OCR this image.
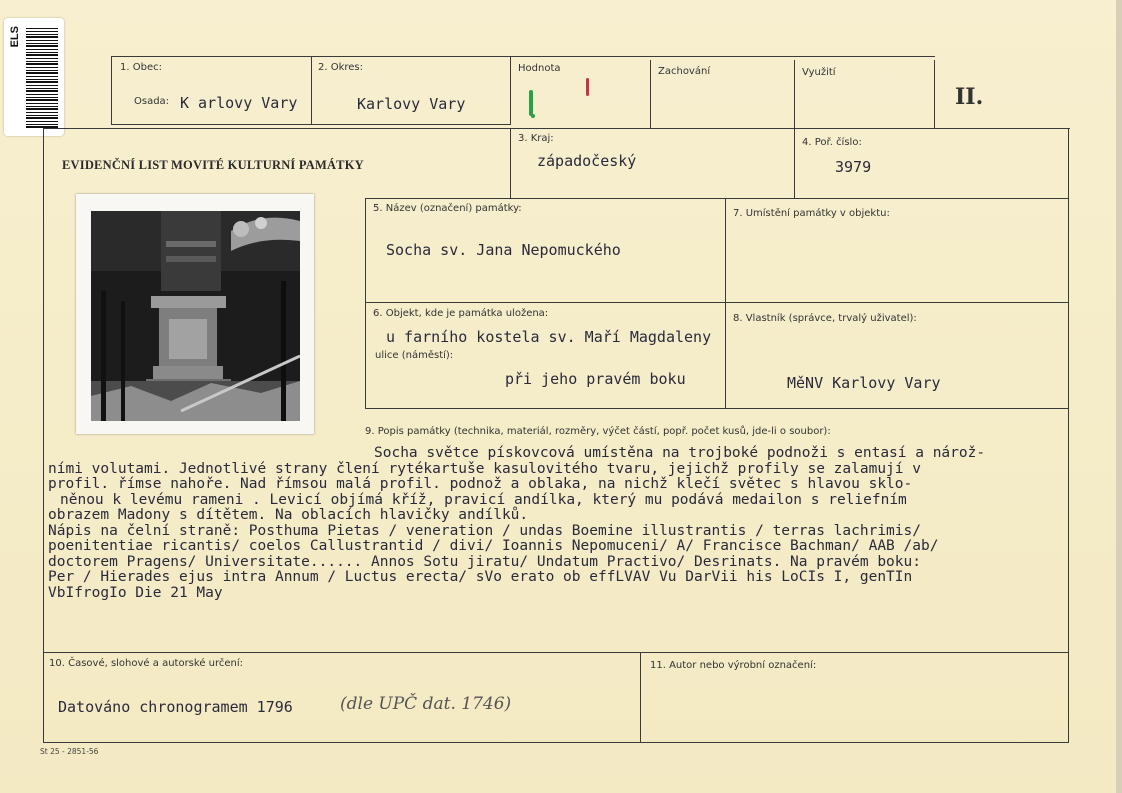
ELS
1. Obec:
Osada: K arlovy Vary
2. Okres:
Karlovy Vary
Hodnota	Zachování	Využití
II.
EVIDENČNÍ LIST MOVITÉ KULTURNÍ PAMÁTKY
3. Kraj:
západočeský
4. Poř. číslo:
3979
5. Název (označení) památky:
Socha sv. Jana Nepomuckého
7. Umístění památky v objektu:
6. Objekt, kde je památka uložena:
u farního kostela sv. Maří Magdaleny
ulice (náměstí):
při jeho pravém boku
8. Vlastník (správce, trvalý uživatel):
MěNV Karlovy Vary
9. Popis památky (technika, materiál, rozměry, výčet částí, popř. počet kusů, jde-li o soubor):
Socha světce pískovcová umístěna na trojboké podnoži s entasí a nárož-
ními volutami. Jednotlivé strany člení rytékartuše kasulovitého tvaru, jejichž profily se zalamují v
profil. římse nahoře. Nad římsou malá profil. podnož a oblaka, na nichž klečí světec s hlavou sklo-
něnou k levému rameni . Levicí objímá kříž, pravicí andílka, který mu podává medailon s reliefním
obrazem Madony s dítětem. Na oblacích hlavičky andílků.
Nápis na čelní straně: Posthuma Pietas / veneration / undas Boemine illustrantis / terras lachrimis/
poenitentiae ricantis/ coelos Callustrantid / divi/ Ioannis Nepomuceni/ A/ Francisce Bachman/ AAB /ab/
doctorem Pragens/ Universitate...... Annos Sotu jiratu/ Undatum Practivo/ Desrinats. Na pravém boku:
Per / Hierades ejus intra Annum / Luctus erecta/ sVo erato ob effLVAV Vu DarVii his LoCIs I, genTIn
VbIfrogIo Die 21 May
10. Časové, slohové a autorské určení:
Datováno chronogramem 1796	(dle UPČ dat. 1746)
11. Autor nebo výrobní označení:
St 25 - 2851-56
